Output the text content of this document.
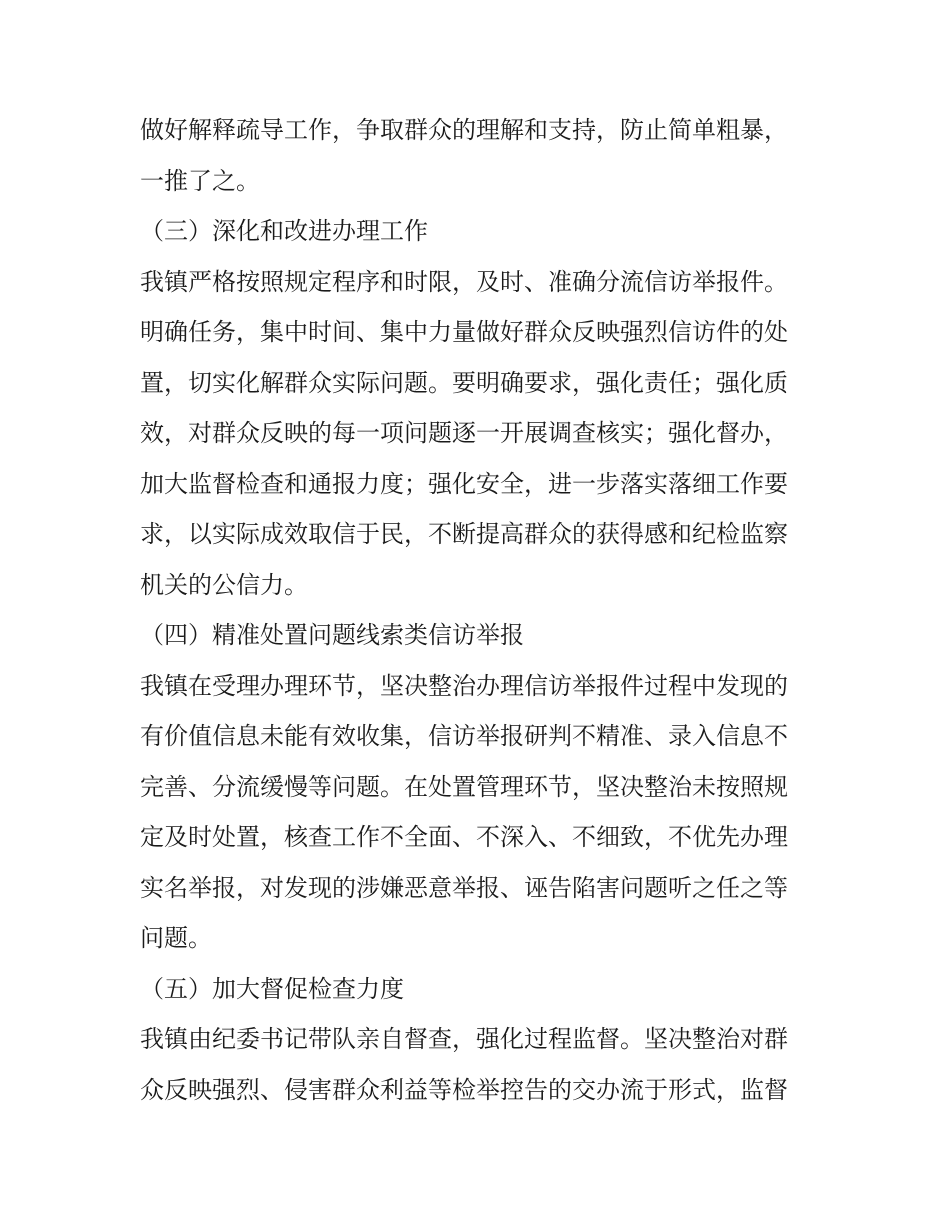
做好解释疏导工作，争取群众的理解和支持，防止简单粗暴，
一推了之。
（三）深化和改进办理工作
我镇严格按照规定程序和时限，及时、准确分流信访举报件。
明确任务，集中时间、集中力量做好群众反映强烈信访件的处
置，切实化解群众实际问题。要明确要求，强化责任；强化质
效，对群众反映的每一项问题逐一开展调查核实；强化督办，
加大监督检查和通报力度；强化安全，进一步落实落细工作要
求，以实际成效取信于民，不断提高群众的获得感和纪检监察
机关的公信力。
（四）精准处置问题线索类信访举报
我镇在受理办理环节，坚决整治办理信访举报件过程中发现的
有价值信息未能有效收集，信访举报研判不精准、录入信息不
完善、分流缓慢等问题。在处置管理环节，坚决整治未按照规
定及时处置，核查工作不全面、不深入、不细致，不优先办理
实名举报，对发现的涉嫌恶意举报、诬告陷害问题听之任之等
问题。
（五）加大督促检查力度
我镇由纪委书记带队亲自督查，强化过程监督。坚决整治对群
众反映强烈、侵害群众利益等检举控告的交办流于形式，监督
